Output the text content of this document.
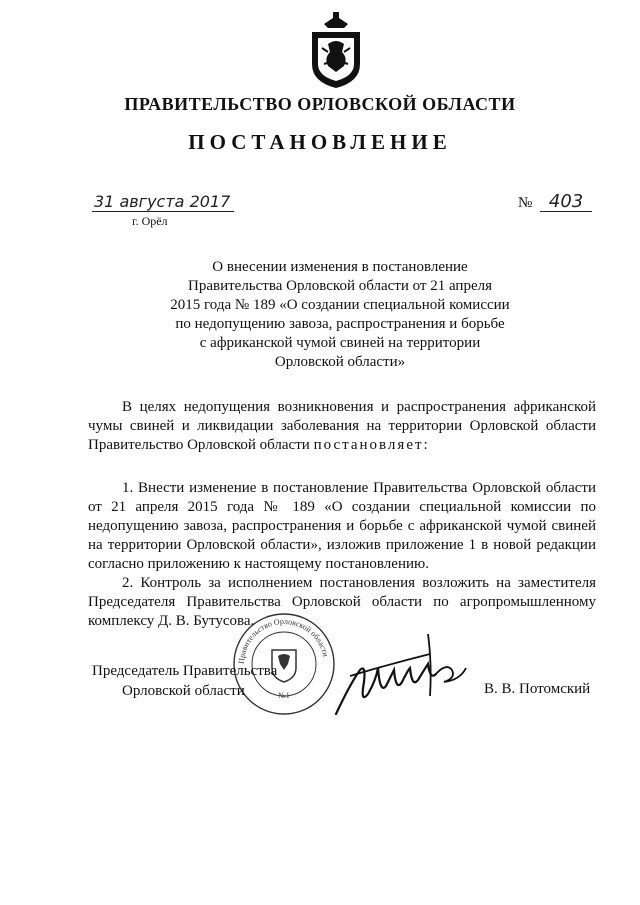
ПРАВИТЕЛЬСТВО ОРЛОВСКОЙ ОБЛАСТИ
ПОСТАНОВЛЕНИЕ
31 августа 2017
г. Орёл
№ 403
О внесении изменения в постановление
Правительства Орловской области от 21 апреля
2015 года № 189 «О создании специальной комиссии
по недопущению завоза, распространения и борьбе
с африканской чумой свиней на территории
Орловской области»

В целях недопущения возникновения и распространения африканской чумы свиней и ликвидации заболевания на территории Орловской области Правительство Орловской области постановляет:

1. Внести изменение в постановление Правительства Орловской области от 21 апреля 2015 года № 189 «О создании специальной комиссии по недопущению завоза, распространения и борьбе с африканской чумой свиней на территории Орловской области», изложив приложение 1 в новой редакции согласно приложению к настоящему постановлению.

2. Контроль за исполнением постановления возложить на заместителя Председателя Правительства Орловской области по агропромышленному комплексу Д. В. Бутусова.

Правительство Орловской области
№1
Председатель Правительства
Орловской области	В. В. Потомский
